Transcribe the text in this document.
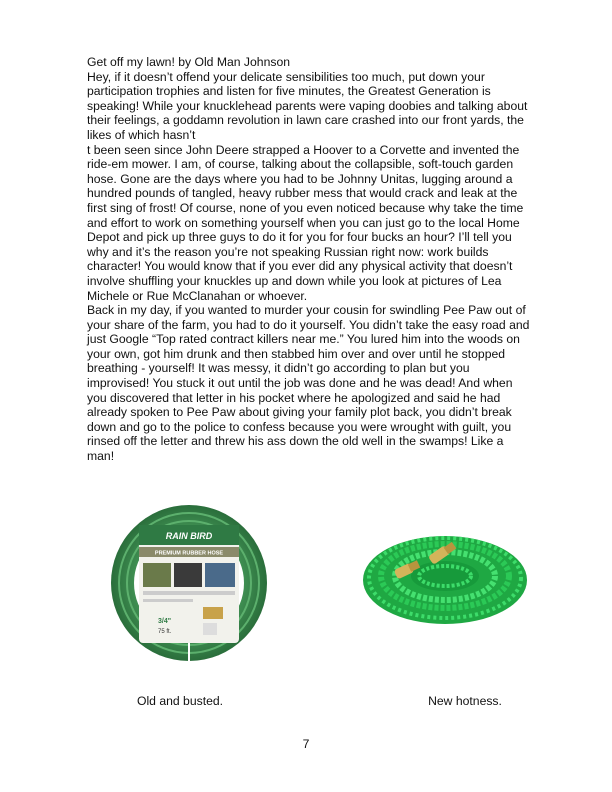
Get off my lawn! by Old Man Johnson

Hey, if it doesn’t offend your delicate sensibilities too much, put down your participation trophies and listen for five minutes, the Greatest Generation is speaking! While your knucklehead parents were vaping doobies and talking about their feelings, a goddamn revolution in lawn care crashed into our front yards, the likes of which hasn’t

t been seen since John Deere strapped a Hoover to a Corvette and invented the ride-em mower. I am, of course, talking about the collapsible, soft-touch garden hose. Gone are the days where you had to be Johnny Unitas, lugging around a hundred pounds of tangled, heavy rubber mess that would crack and leak at the first sing of frost! Of course, none of you even noticed because why take the time and effort to work on something yourself when you can just go to the local Home Depot and pick up three guys to do it for you for four bucks an hour? I’ll tell you why and it’s the reason you’re not speaking Russian right now: work builds character! You would know that if you ever did any physical activity that doesn’t involve shuffling your knuckles up and down while you look at pictures of Lea Michele or Rue McClanahan or whoever.

Back in my day, if you wanted to murder your cousin for swindling Pee Paw out of your share of the farm, you had to do it yourself. You didn’t take the easy road and just Google “Top rated contract killers near me.” You lured him into the woods on your own, got him drunk and then stabbed him over and over until he stopped breathing - yourself! It was messy, it didn’t go according to plan but you improvised! You stuck it out until the job was done and he was dead! And when you discovered that letter in his pocket where he apologized and said he had already spoken to Pee Paw about giving your family plot back, you didn’t break down and go to the police to confess because you were wrought with guilt, you rinsed off the letter and threw his ass down the old well in the swamps! Like a man!

RAIN BIRD
PREMIUM RUBBER HOSE
3/4"
75 ft.
Old and busted.	New hotness.
7
